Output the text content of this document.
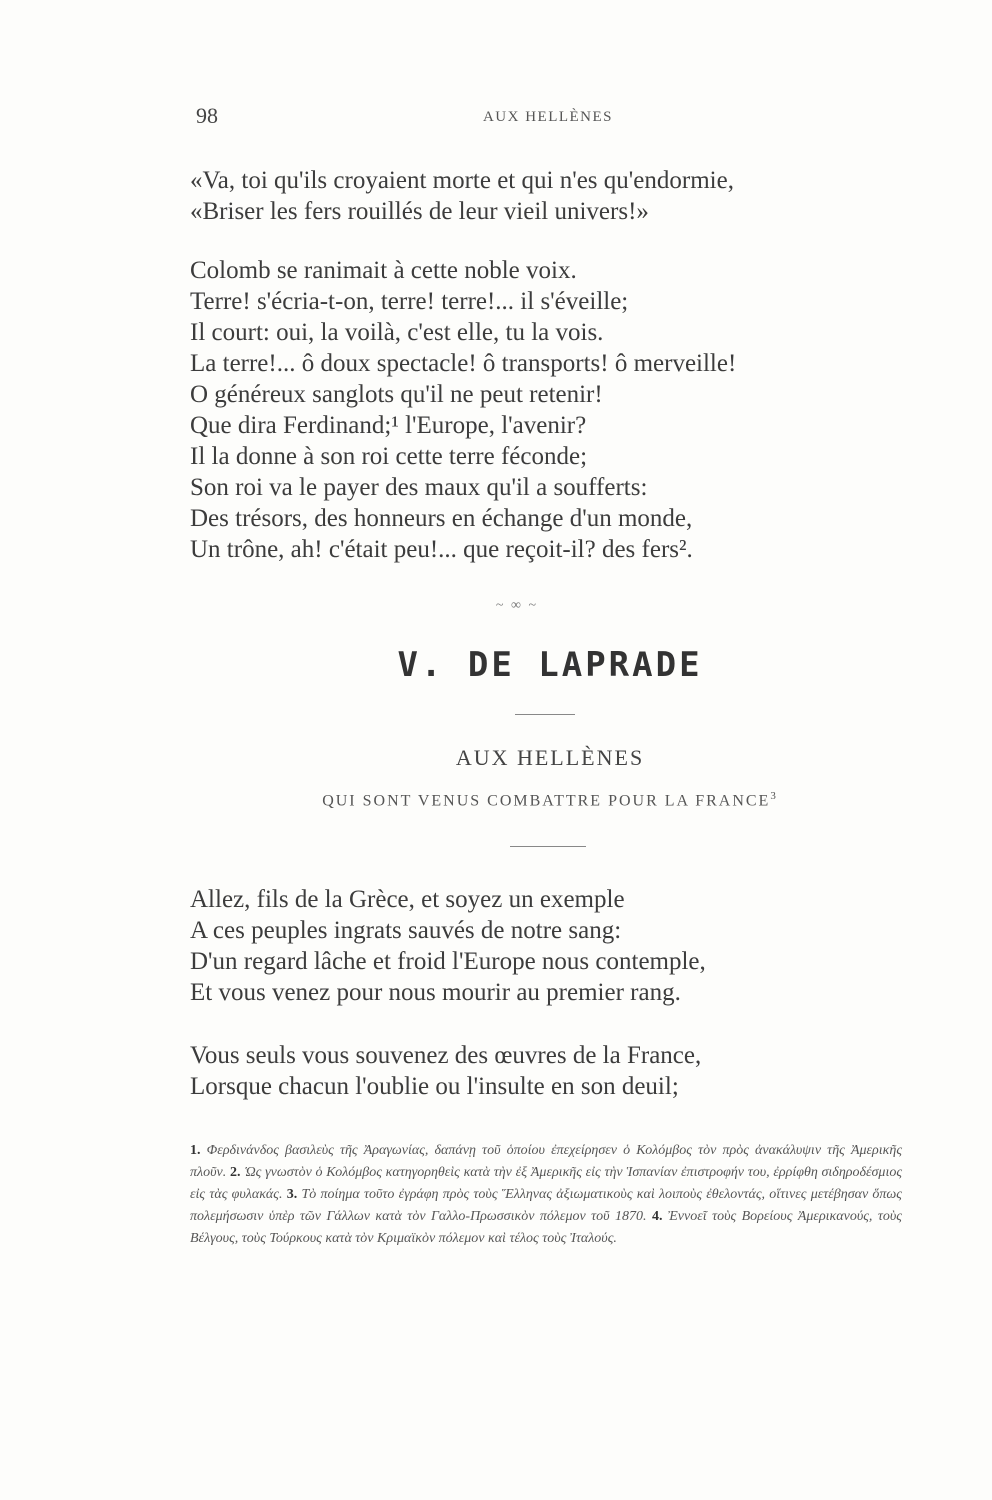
98	AUX HELLÈNES
«Va, toi qu'ils croyaient morte et qui n'es qu'endormie,
«Briser les fers rouillés de leur vieil univers!»
Colomb se ranimait à cette noble voix.
Terre! s'écria-t-on, terre! terre!... il s'éveille;
Il court: oui, la voilà, c'est elle, tu la vois.
La terre!... ô doux spectacle! ô transports! ô merveille!
O généreux sanglots qu'il ne peut retenir!
Que dira Ferdinand;¹ l'Europe, l'avenir?
Il la donne à son roi cette terre féconde;
Son roi va le payer des maux qu'il a soufferts:
Des trésors, des honneurs en échange d'un monde,
Un trône, ah! c'était peu!... que reçoit-il? des fers².
~ ∞ ~
V. DE LAPRADE
AUX HELLÈNES
QUI SONT VENUS COMBATTRE POUR LA FRANCE$^3$
Allez, fils de la Grèce, et soyez un exemple
A ces peuples ingrats sauvés de notre sang:
D'un regard lâche et froid l'Europe nous contemple,
Et vous venez pour nous mourir au premier rang.
Vous seuls vous souvenez des œuvres de la France,
Lorsque chacun l'oublie ou l'insulte en son deuil;
1. Φερδινάνδος βασιλεὺς τῆς Ἀραγωνίας, δαπάνῃ τοῦ ὁποίου ἐπεχείρησεν ὁ Κολόμβος τὸν πρὸς ἀνακάλυψιν τῆς Ἀμερικῆς πλοῦν. 2. Ὡς γνωστὸν ὁ Κολόμβος κατηγορηθεὶς κατὰ τὴν ἐξ Ἀμερικῆς εἰς τὴν Ἱσπανίαν ἐπιστροφήν του, ἐρρίφθη σιδηροδέσμιος εἰς τὰς φυλακάς. 3. Τὸ ποίημα τοῦτο ἐγράφη πρὸς τοὺς Ἕλληνας ἀξιωματικοὺς καὶ λοιποὺς ἐθελοντάς, οἵτινες μετέβησαν ὅπως πολεμήσωσιν ὑπὲρ τῶν Γάλλων κατὰ τὸν Γαλλο-Πρωσσικὸν πόλεμον τοῦ 1870. 4. Ἐννοεῖ τοὺς Βορείους Ἀμερικανούς, τοὺς Βέλγους, τοὺς Τούρκους κατὰ τὸν Κριμαϊκὸν πόλεμον καὶ τέλος τοὺς Ἰταλούς.
